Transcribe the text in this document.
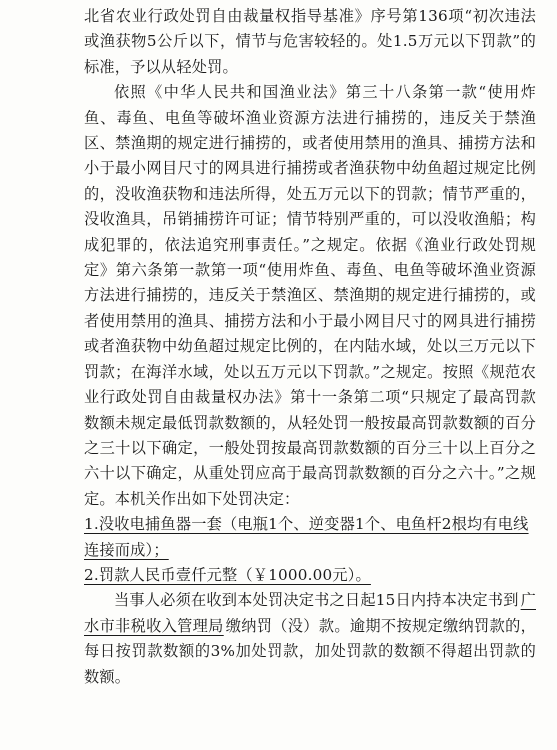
北省农业行政处罚自由裁量权指导基准》序号第136项“初次违法或渔获物5公斤以下，情节与危害较轻的。处1.5万元以下罚款”的标准，予以从轻处罚。

依照《中华人民共和国渔业法》第三十八条第一款“使用炸鱼、毒鱼、电鱼等破坏渔业资源方法进行捕捞的，违反关于禁渔区、禁渔期的规定进行捕捞的，或者使用禁用的渔具、捕捞方法和小于最小网目尺寸的网具进行捕捞或者渔获物中幼鱼超过规定比例的，没收渔获物和违法所得，处五万元以下的罚款；情节严重的，没收渔具，吊销捕捞许可证；情节特别严重的，可以没收渔船；构成犯罪的，依法追究刑事责任。”之规定。依据《渔业行政处罚规定》第六条第一款第一项“使用炸鱼、毒鱼、电鱼等破坏渔业资源方法进行捕捞的，违反关于禁渔区、禁渔期的规定进行捕捞的，或者使用禁用的渔具、捕捞方法和小于最小网目尺寸的网具进行捕捞或者渔获物中幼鱼超过规定比例的，在内陆水域，处以三万元以下罚款；在海洋水域，处以五万元以下罚款。”之规定。按照《规范农业行政处罚自由裁量权办法》第十一条第二项“只规定了最高罚款数额未规定最低罚款数额的，从轻处罚一般按最高罚款数额的百分之三十以下确定，一般处罚按最高罚款数额的百分三十以上百分之六十以下确定，从重处罚应高于最高罚款数额的百分之六十。”之规定。本机关作出如下处罚决定：

1.没收电捕鱼器一套（电瓶1个、逆变器1个、电鱼杆2根均有电线连接而成）；

2.罚款人民币壹仟元整（￥1000.00元）。

当事人必须在收到本处罚决定书之日起15日内持本决定书到 广水市非税收入管理局 缴纳罚（没）款。逾期不按规定缴纳罚款的，每日按罚款数额的3%加处罚款，加处罚款的数额不得超出罚款的数额。
